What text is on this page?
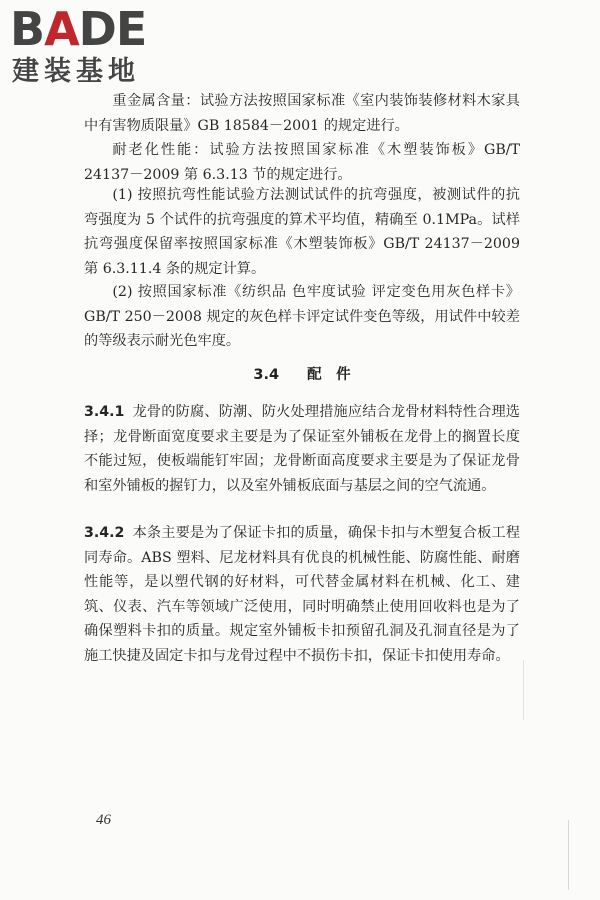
BADE
建装基地

重金属含量：试验方法按照国家标准《室内装饰装修材料木家具中有害物质限量》GB 18584－2001 的规定进行。

耐老化性能：试验方法按照国家标准《木塑装饰板》GB/T 24137－2009 第 6.3.13 节的规定进行。

(1) 按照抗弯性能试验方法测试试件的抗弯强度，被测试件的抗弯强度为 5 个试件的抗弯强度的算术平均值，精确至 0.1MPa。试样抗弯强度保留率按照国家标准《木塑装饰板》GB/T 24137－2009 第 6.3.11.4 条的规定计算。

(2) 按照国家标准《纺织品 色牢度试验 评定变色用灰色样卡》GB/T 250－2008 规定的灰色样卡评定试件变色等级，用试件中较差的等级表示耐光色牢度。

3.4 配　件

3.4.1 龙骨的防腐、防潮、防火处理措施应结合龙骨材料特性合理选择；龙骨断面宽度要求主要是为了保证室外铺板在龙骨上的搁置长度不能过短，使板端能钉牢固；龙骨断面高度要求主要是为了保证龙骨和室外铺板的握钉力，以及室外铺板底面与基层之间的空气流通。

3.4.2 本条主要是为了保证卡扣的质量，确保卡扣与木塑复合板工程同寿命。ABS 塑料、尼龙材料具有优良的机械性能、防腐性能、耐磨性能等，是以塑代钢的好材料，可代替金属材料在机械、化工、建筑、仪表、汽车等领域广泛使用，同时明确禁止使用回收料也是为了确保塑料卡扣的质量。规定室外铺板卡扣预留孔洞及孔洞直径是为了施工快捷及固定卡扣与龙骨过程中不损伤卡扣，保证卡扣使用寿命。

46
